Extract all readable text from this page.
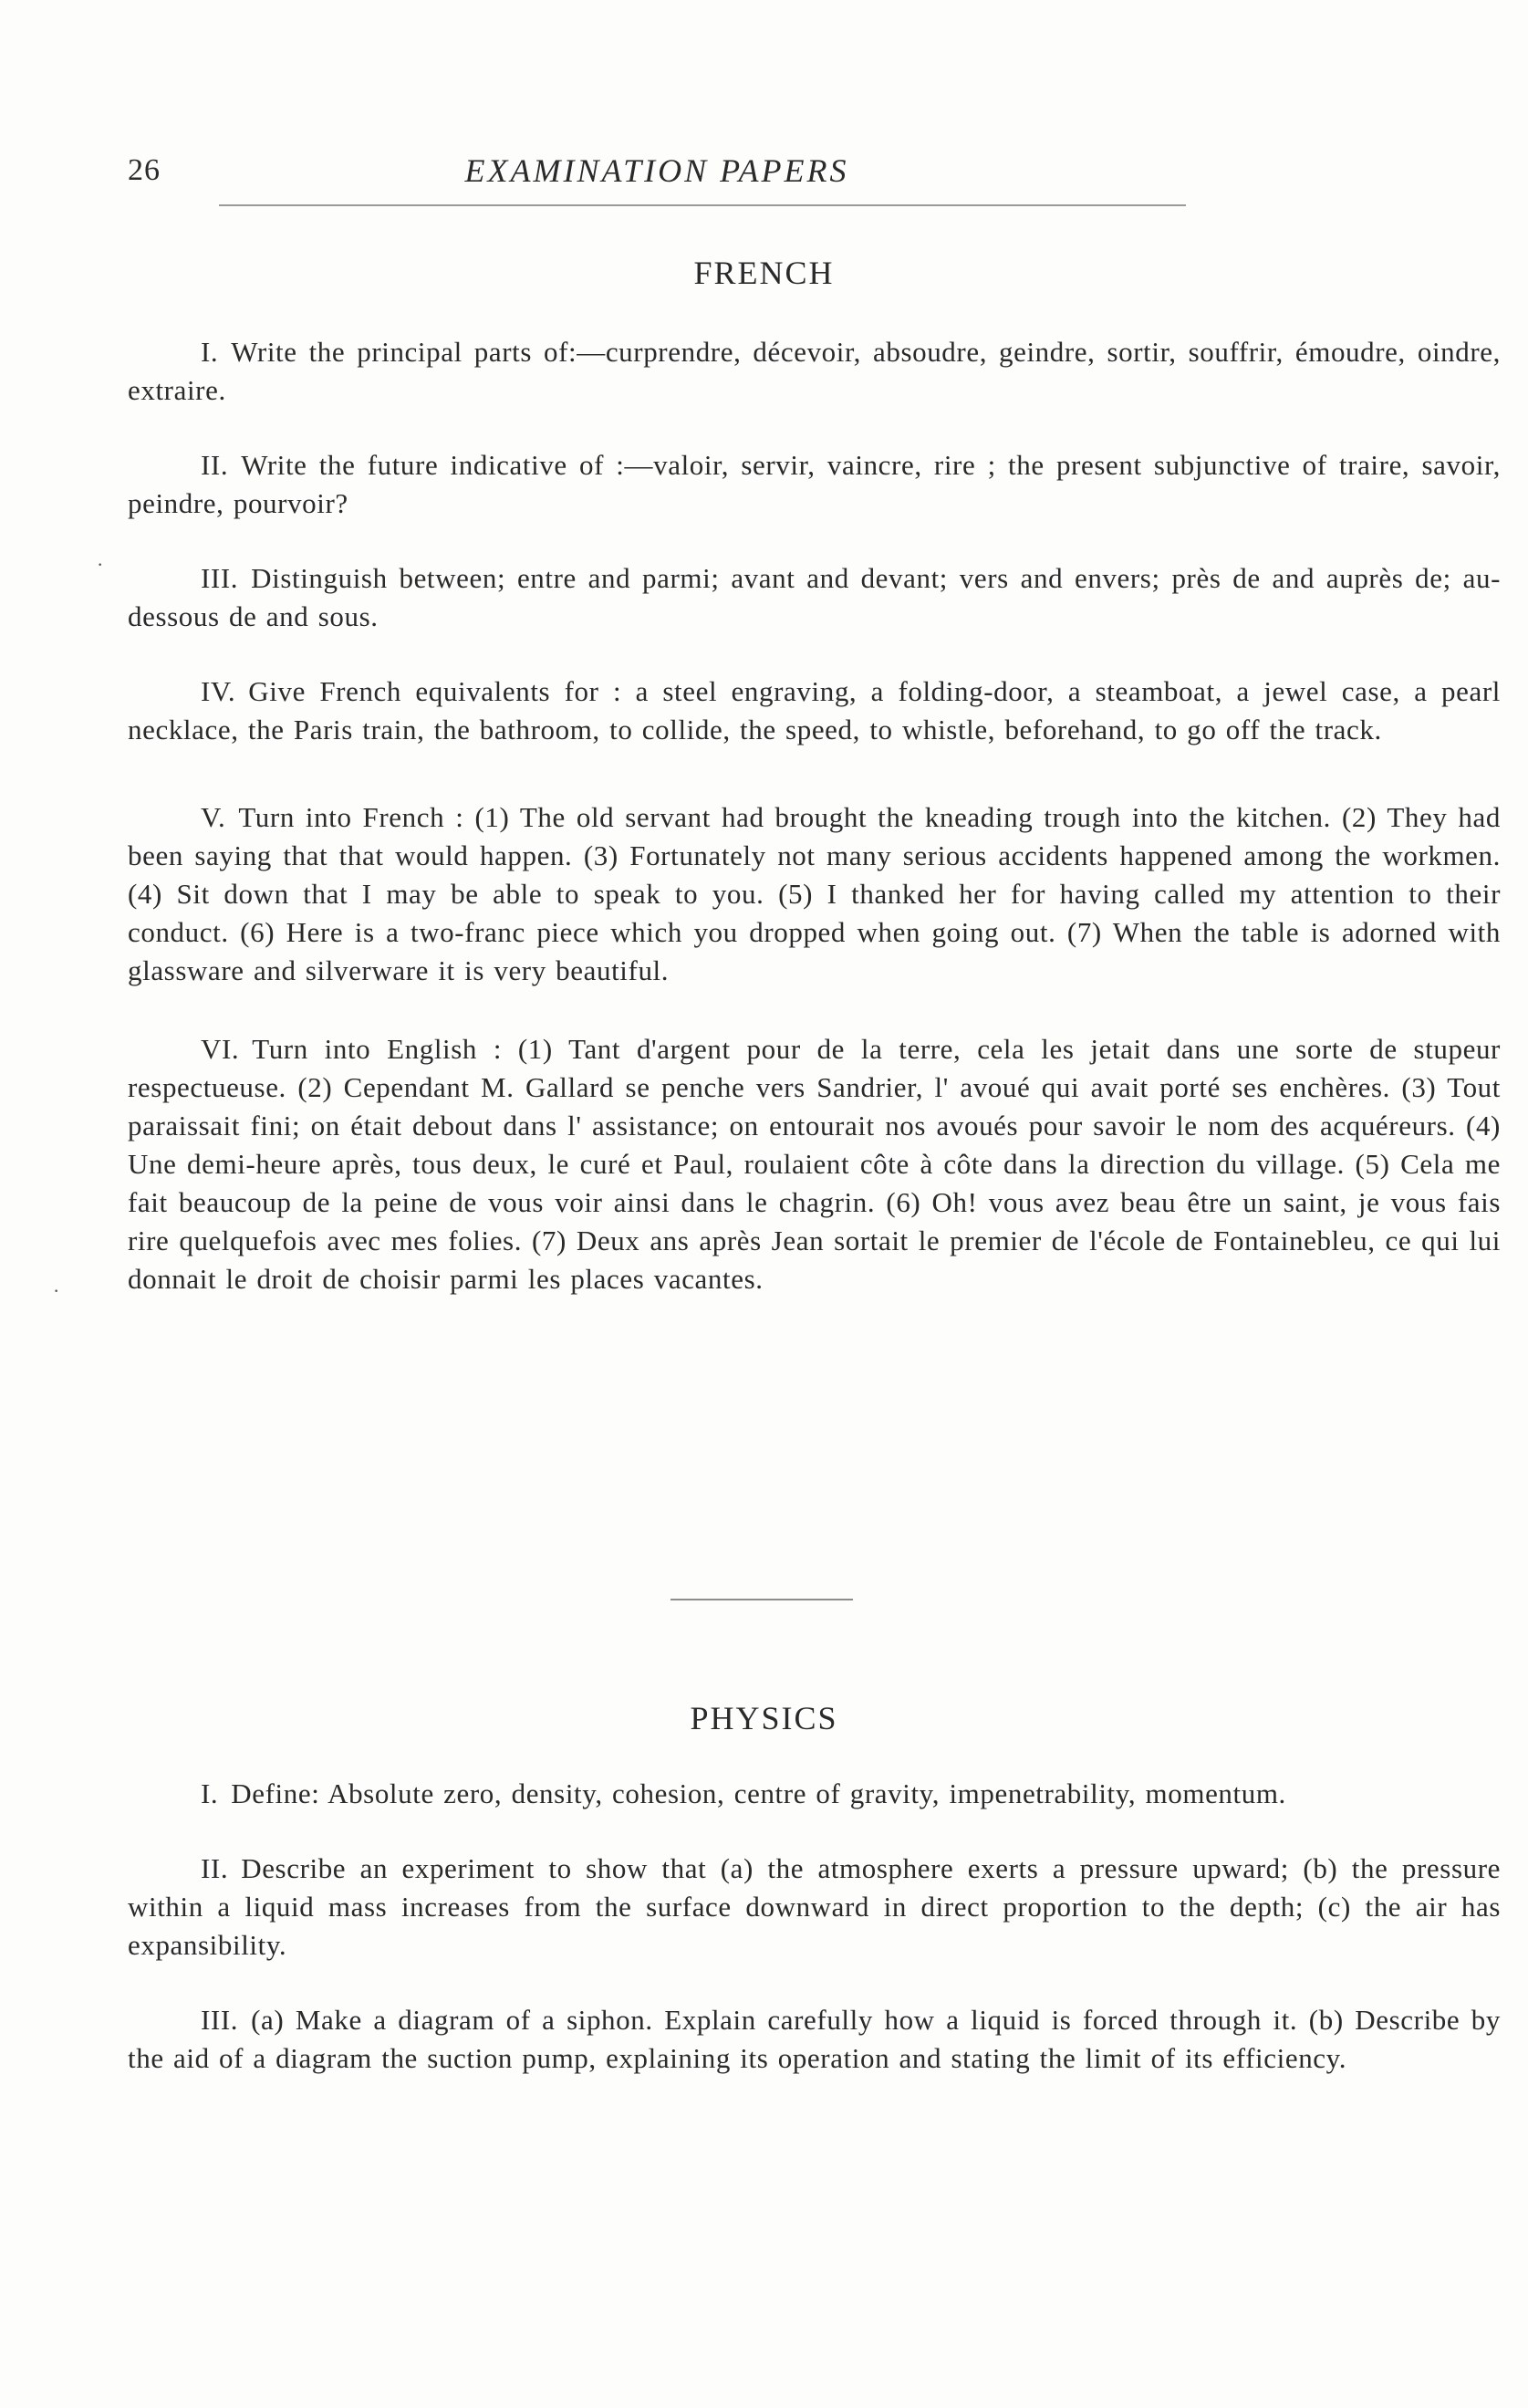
26	EXAMINATION PAPERS
·
·
FRENCH
I. Write the principal parts of:—curprendre, décevoir, absoudre, geindre, sortir, souffrir, émoudre, oindre, extraire.
II. Write the future indicative of :—valoir, servir, vaincre, rire ; the present subjunctive of traire, savoir, peindre, pourvoir?
III. Distinguish between; entre and parmi; avant and devant; vers and envers; près de and auprès de; au-dessous de and sous.
IV. Give French equivalents for : a steel engraving, a folding-door, a steamboat, a jewel case, a pearl necklace, the Paris train, the bathroom, to collide, the speed, to whistle, beforehand, to go off the track.
V. Turn into French : (1) The old servant had brought the kneading trough into the kitchen. (2) They had been saying that that would happen. (3) Fortunately not many serious accidents happened among the workmen. (4) Sit down that I may be able to speak to you. (5) I thanked her for having called my attention to their conduct. (6) Here is a two-franc piece which you dropped when going out. (7) When the table is adorned with glassware and silverware it is very beautiful.
VI. Turn into English : (1) Tant d'argent pour de la terre, cela les jetait dans une sorte de stupeur respectueuse. (2) Cependant M. Gallard se penche vers Sandrier, l' avoué qui avait porté ses enchères. (3) Tout paraissait fini; on était debout dans l' assistance; on entourait nos avoués pour savoir le nom des acquéreurs. (4) Une demi-heure après, tous deux, le curé et Paul, roulaient côte à côte dans la direction du village. (5) Cela me fait beaucoup de la peine de vous voir ainsi dans le chagrin. (6) Oh! vous avez beau être un saint, je vous fais rire quelquefois avec mes folies. (7) Deux ans après Jean sortait le premier de l'école de Fontainebleu, ce qui lui donnait le droit de choisir parmi les places vacantes.
PHYSICS
I. Define: Absolute zero, density, cohesion, centre of gravity, impenetrability, momentum.
II. Describe an experiment to show that (a) the atmosphere exerts a pressure upward; (b) the pressure within a liquid mass increases from the surface downward in direct proportion to the depth; (c) the air has expansibility.
III. (a) Make a diagram of a siphon. Explain carefully how a liquid is forced through it. (b) Describe by the aid of a diagram the suction pump, explaining its operation and stating the limit of its efficiency.
